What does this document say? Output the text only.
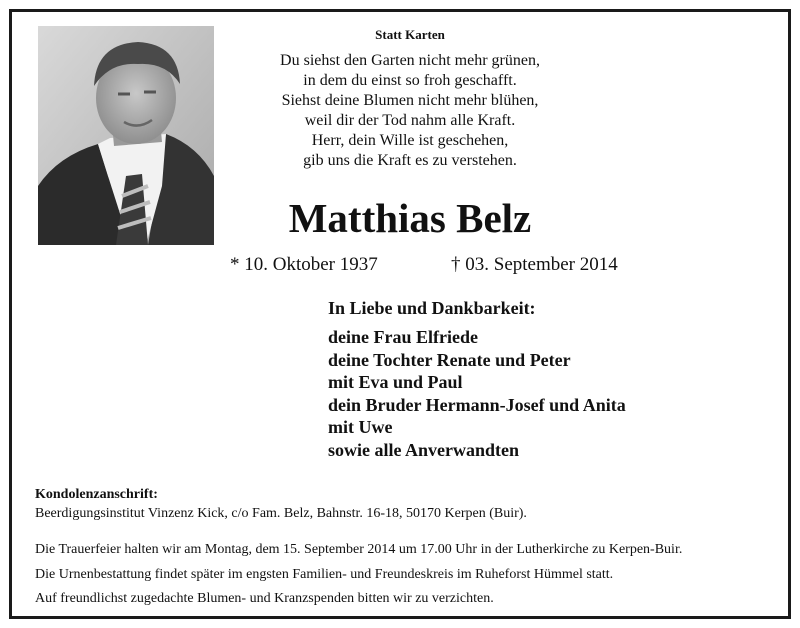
Statt Karten
Du siehst den Garten nicht mehr grünen,
in dem du einst so froh geschafft.
Siehst deine Blumen nicht mehr blühen,
weil dir der Tod nahm alle Kraft.
Herr, dein Wille ist geschehen,
gib uns die Kraft es zu verstehen.
Matthias Belz
* 10. Oktober 1937	† 03. September 2014
In Liebe und Dankbarkeit:
deine Frau Elfriede
deine Tochter Renate und Peter
mit Eva und Paul
dein Bruder Hermann-Josef und Anita
mit Uwe
sowie alle Anverwandten
Kondolenzanschrift:
Beerdigungsinstitut Vinzenz Kick, c/o Fam. Belz, Bahnstr. 16-18, 50170 Kerpen (Buir).
Die Trauerfeier halten wir am Montag, dem 15. September 2014 um 17.00 Uhr in der Lutherkirche zu Kerpen-Buir.
Die Urnenbestattung findet später im engsten Familien- und Freundeskreis im Ruheforst Hümmel statt.
Auf freundlichst zugedachte Blumen- und Kranzspenden bitten wir zu verzichten.
